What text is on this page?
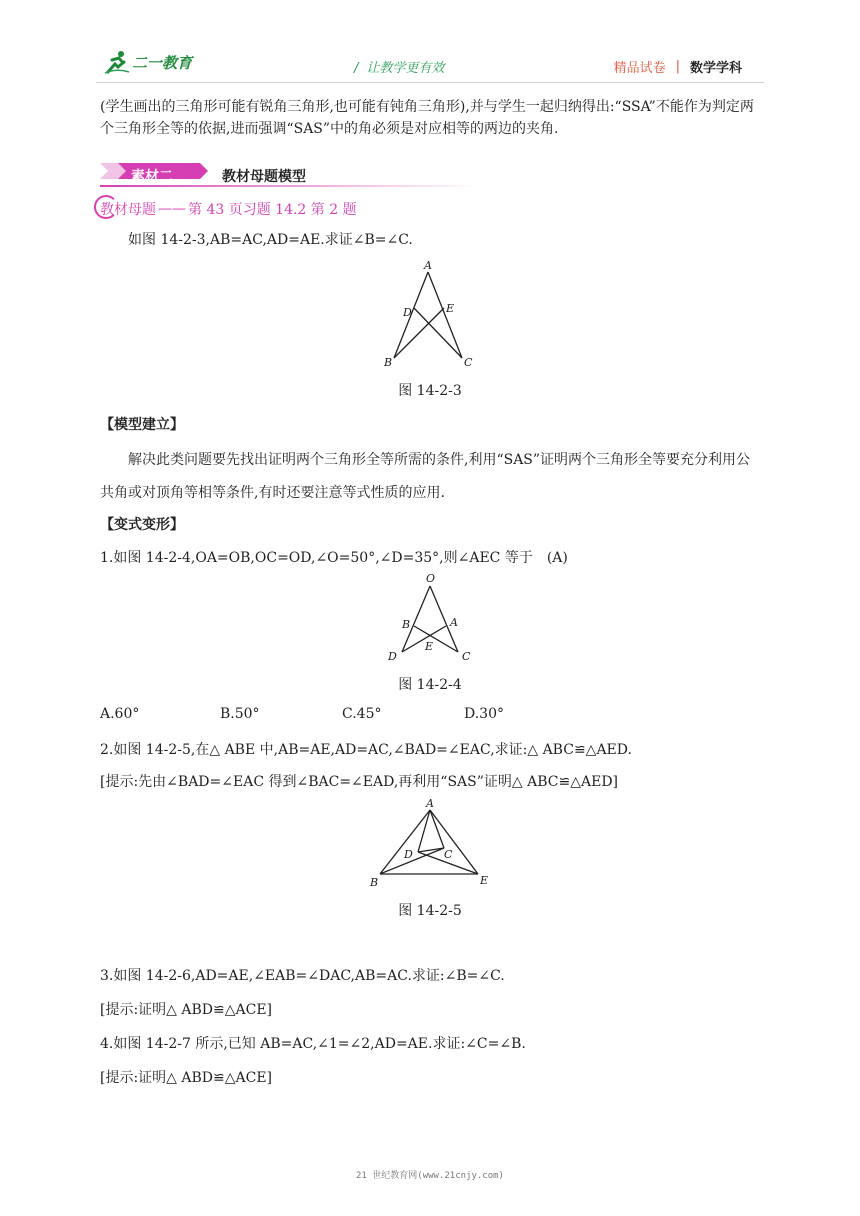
二一教育	/ 让教学更有效	精品试卷 | 数学学科
(学生画出的三角形可能有锐角三角形,也可能有钝角三角形),并与学生一起归纳得出:“SSA”不能作为判定两个三角形全等的依据,进而强调“SAS”中的角必须是对应相等的两边的夹角.
素材二	教材母题模型
教材母题 —— 第 43 页习题 14.2 第 2 题
如图 14-2-3,AB=AC,AD=AE.求证∠B=∠C.
A
D	E
B	C
图 14-2-3
【模型建立】
解决此类问题要先找出证明两个三角形全等所需的条件,利用“SAS”证明两个三角形全等要充分利用公共角或对顶角等相等条件,有时还要注意等式性质的应用.
【变式变形】
1.如图 14-2-4,OA=OB,OC=OD,∠O=50°,∠D=35°,则∠AEC 等于　(A)
O
B	A
E
D	C
图 14-2-4
A.60°	B.50°	C.45°	D.30°
2.如图 14-2-5,在△ ABE 中,AB=AE,AD=AC,∠BAD=∠EAC,求证:△ ABC≌△AED.
[提示:先由∠BAD=∠EAC 得到∠BAC=∠EAD,再利用“SAS”证明△ ABC≌△AED]
A
D	C
B	E
图 14-2-5
3.如图 14-2-6,AD=AE,∠EAB=∠DAC,AB=AC.求证:∠B=∠C.
[提示:证明△ ABD≌△ACE]
4.如图 14-2-7 所示,已知 AB=AC,∠1=∠2,AD=AE.求证:∠C=∠B.
[提示:证明△ ABD≌△ACE]
21 世纪教育网(www.21cnjy.com)
